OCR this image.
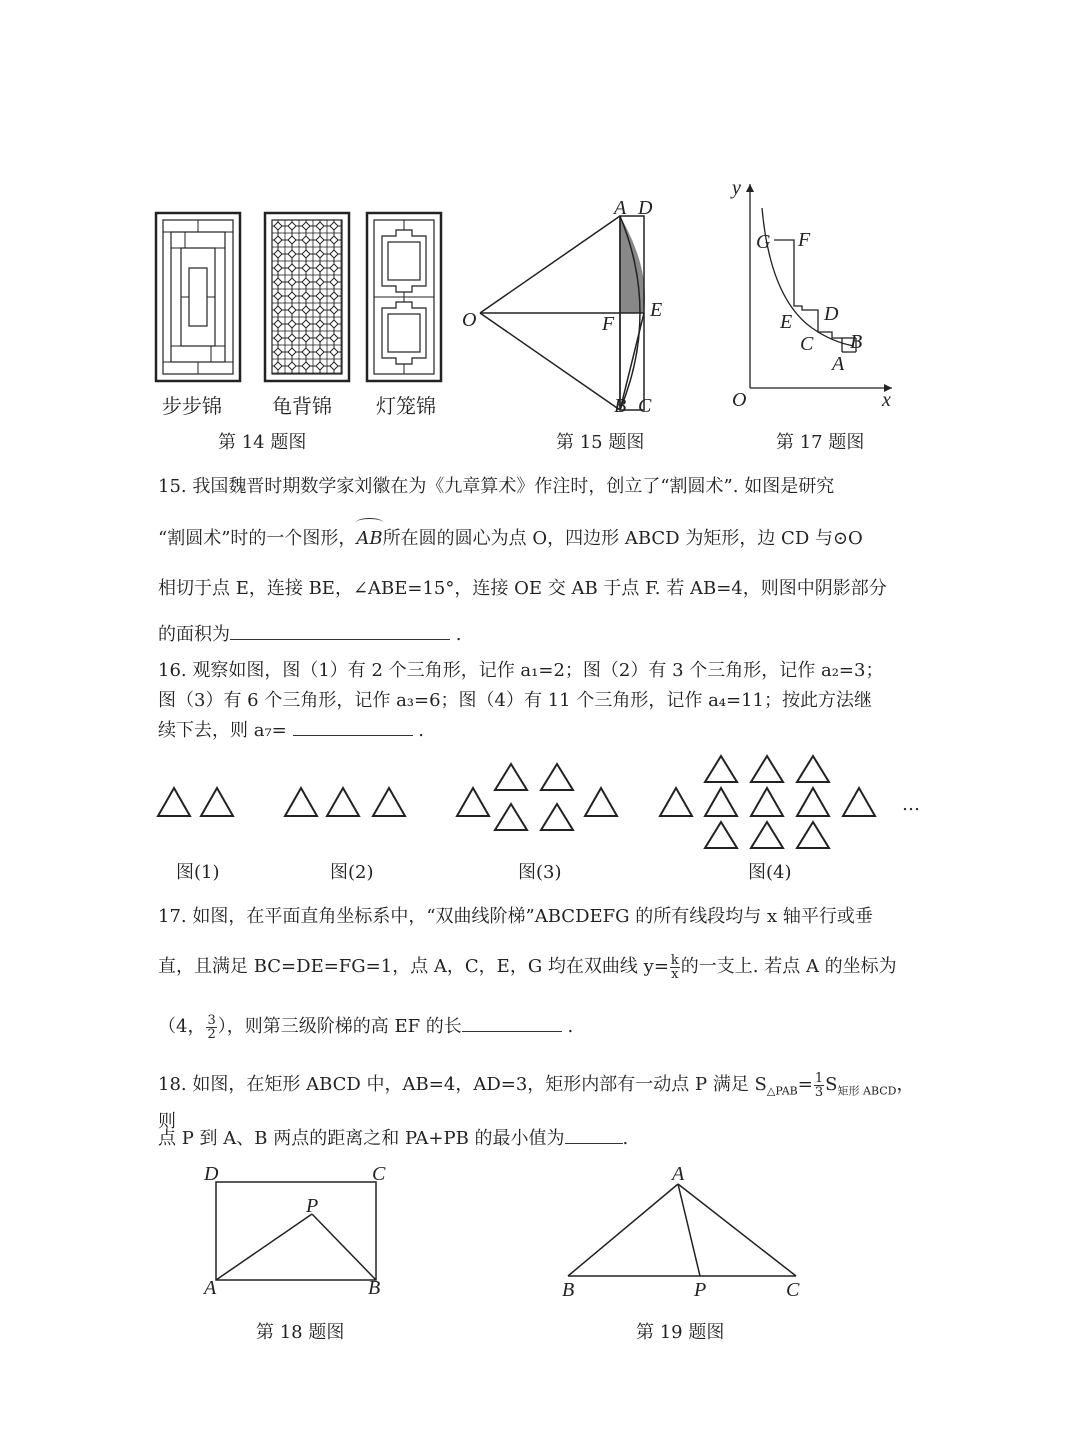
步步锦	龟背锦 灯笼锦
第 14 题图
A D
O	F
E
B C
第 15 题图
y
x
O
G F
E D
C B
A
第 17 题图
15. 我国魏晋时期数学家刘徽在为《九章算术》作注时，创立了“割圆术”. 如图是研究
“割圆术”时的一个图形，AB所在圆的圆心为点 O，四边形 ABCD 为矩形，边 CD 与⊙O
相切于点 E，连接 BE，∠ABE=15°，连接 OE 交 AB 于点 F. 若 AB=4，则图中阴影部分
的面积为	.
16. 观察如图，图（1）有 2 个三角形，记作 a₁=2；图（2）有 3 个三角形，记作 a₂=3；
图（3）有 6 个三角形，记作 a₃=6；图（4）有 11 个三角形，记作 a₄=11；按此方法继
续下去，则 a₇=	.
…
图(1)	图(2)	图(3)	图(4)
17. 如图，在平面直角坐标系中，“双曲线阶梯”ABCDEFG 的所有线段均与 x 轴平行或垂
直，且满足 BC=DE=FG=1，点 A，C，E，G 均在双曲线 $y= \frac{k}{x}$ 的一支上. 若点 A 的坐标为
（4， $\frac{3}{2}$ ），则第三级阶梯的高 EF 的长	.
18. 如图，在矩形 ABCD 中，AB=4，AD=3，矩形内部有一动点 P 满足 $S_{\triangle PAB}= \frac{1}{3} S_{矩形 ABCD}$，则
点 P 到 A、B 两点的距离之和 PA+PB 的最小值为	.
D	C
P
A	B
第 18 题图
A
B	P	C
第 19 题图
